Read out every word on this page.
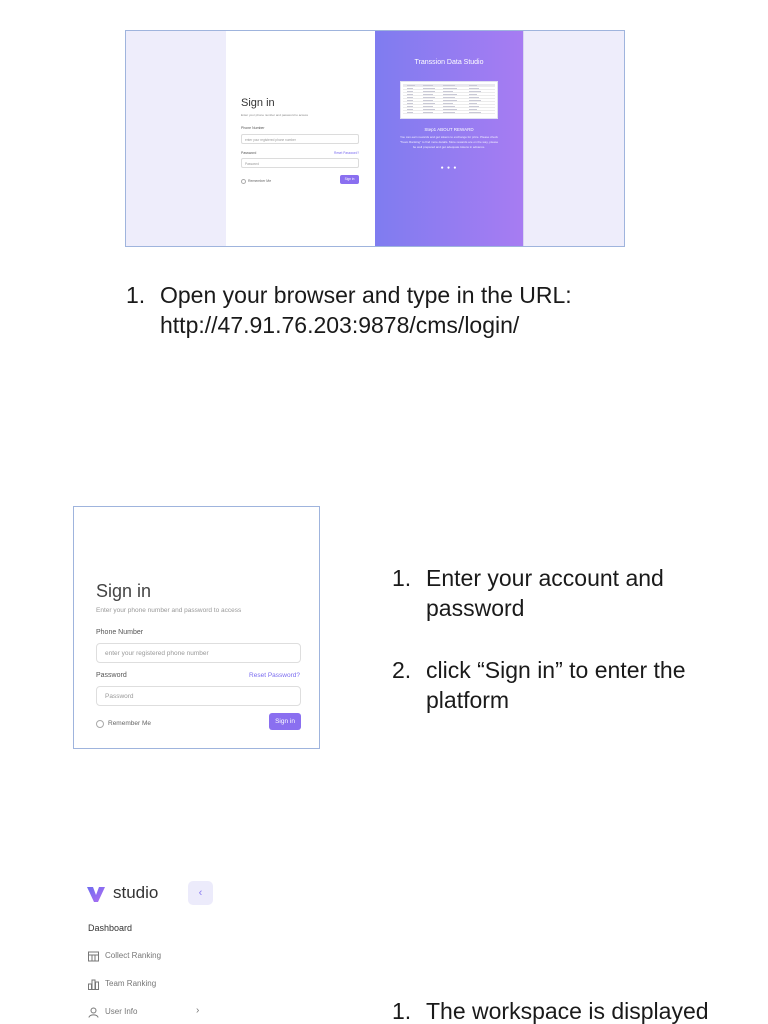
Sign in
Enter your phone number and password to access
Phone Number
enter your registered phone number
Password	Reset Password?
Password
Remember Me	Sign in
Transsion Data Studio
Step1 ABOUT REWARD
You can earn rewards and get tokens to exchange for prize. Please check "Team Ranking" to find more details. More rewards are on the way, please be well prepared and get adequate tokens in advance.
● ● ●
1. Open your browser and type in the URL:
http://47.91.76.203:9878/cms/login/
Sign in
Enter your phone number and password to access
Phone Number
enter your registered phone number
Password	Reset Password?
Password
Remember Me	Sign in
1. Enter your account and
password
2. click “Sign in” to enter the
platform
studio	‹
Dashboard
Collect Ranking
Team Ranking
User Info	›	1. The workspace is displayed
